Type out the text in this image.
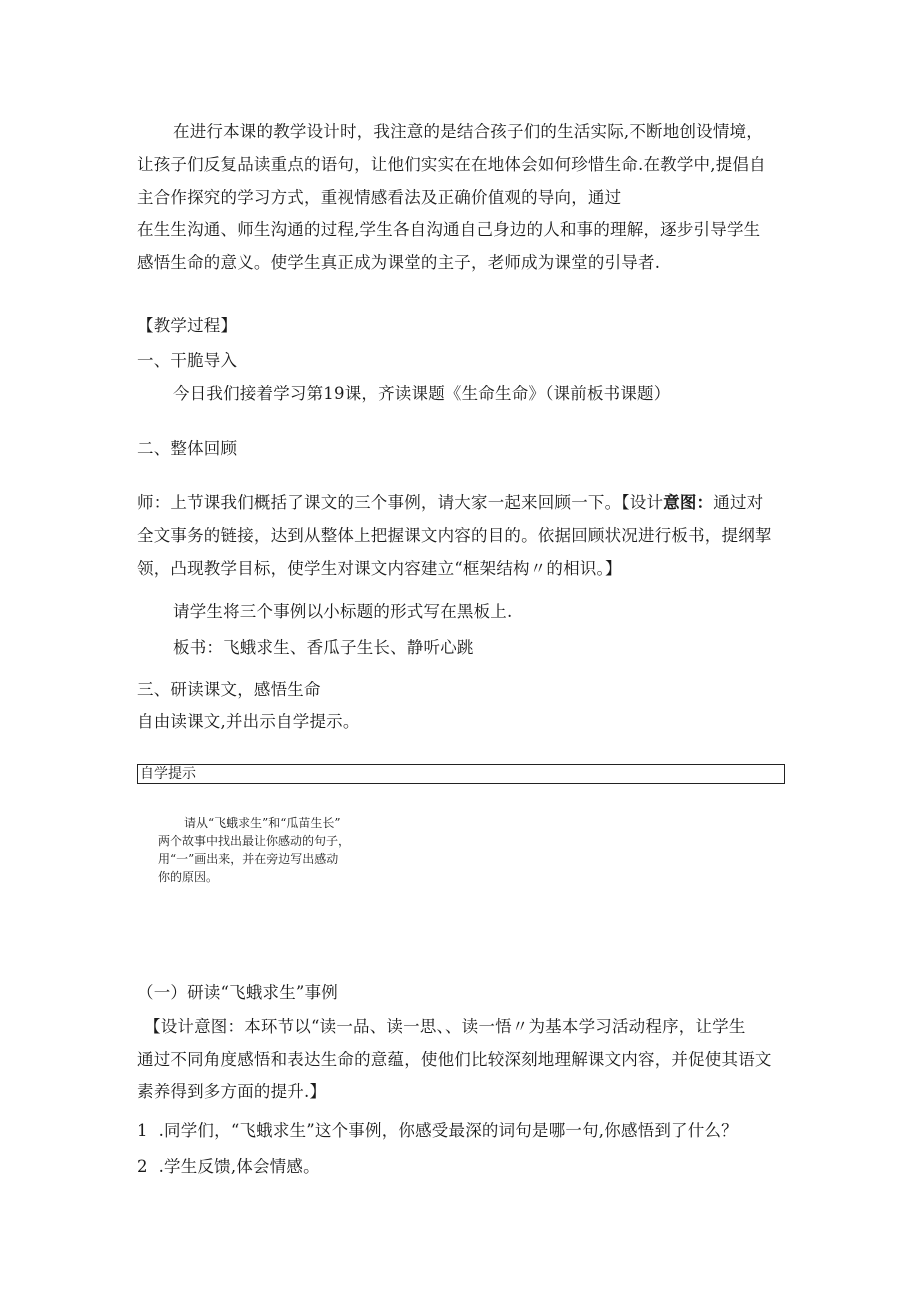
在进行本课的教学设计时，我注意的是结合孩子们的生活实际,不断地创设情境，
让孩子们反复品读重点的语句，让他们实实在在地体会如何珍惜生命.在教学中,提倡自
主合作探究的学习方式，重视情感看法及正确价值观的导向，通过
在生生沟通、师生沟通的过程,学生各自沟通自己身边的人和事的理解，逐步引导学生
感悟生命的意义。使学生真正成为课堂的主子，老师成为课堂的引导者.
【教学过程】
一、干脆导入
今日我们接着学习第19课，齐读课题《生命生命》（课前板书课题）
二、整体回顾
师：上节课我们概括了课文的三个事例，请大家一起来回顾一下。【设计意图：通过对
全文事务的链接，达到从整体上把握课文内容的目的。依据回顾状况进行板书，提纲挈
领，凸现教学目标，使学生对课文内容建立“框架结构〃的相识。】
请学生将三个事例以小标题的形式写在黑板上.
板书：飞蛾求生、香瓜子生长、静听心跳
三、研读课文，感悟生命
自由读课文,并出示自学提示。
自学提示
请从“飞蛾求生”和“瓜苗生长”
两个故事中找出最让你感动的句子，
用“一”画出来，并在旁边写出感动
你的原因。
（一）研读“飞蛾求生”事例
【设计意图：本环节以“读一品、读一思、、读一悟〃为基本学习活动程序，让学生
通过不同角度感悟和表达生命的意蕴，使他们比较深刻地理解课文内容，并促使其语文
素养得到多方面的提升.】
1  .同学们，“飞蛾求生”这个事例，你感受最深的词句是哪一句,你感悟到了什么？
2  .学生反馈,体会情感。
